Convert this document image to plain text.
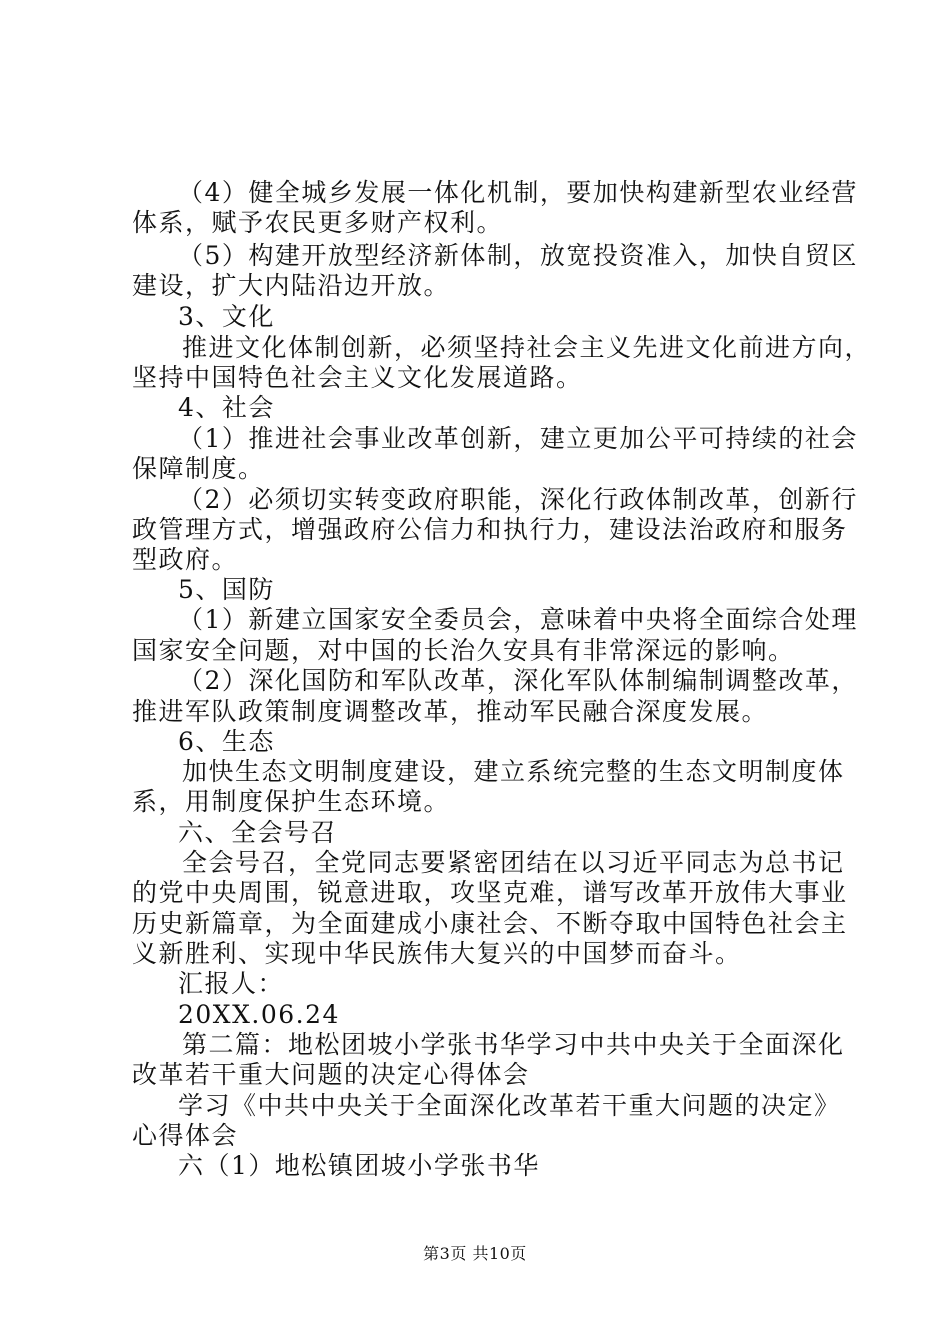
（4）健全城乡发展一体化机制，要加快构建新型农业经营
体系，赋予农民更多财产权利。
（5）构建开放型经济新体制，放宽投资准入，加快自贸区
建设，扩大内陆沿边开放。
3、文化
推进文化体制创新，必须坚持社会主义先进文化前进方向，
坚持中国特色社会主义文化发展道路。
4、社会
（1）推进社会事业改革创新，建立更加公平可持续的社会
保障制度。
（2）必须切实转变政府职能，深化行政体制改革，创新行
政管理方式，增强政府公信力和执行力，建设法治政府和服务
型政府。
5、国防
（1）新建立国家安全委员会，意味着中央将全面综合处理
国家安全问题，对中国的长治久安具有非常深远的影响。
（2）深化国防和军队改革，深化军队体制编制调整改革，
推进军队政策制度调整改革，推动军民融合深度发展。
6、生态
加快生态文明制度建设，建立系统完整的生态文明制度体
系，用制度保护生态环境。
六、全会号召
全会号召，全党同志要紧密团结在以习近平同志为总书记
的党中央周围，锐意进取，攻坚克难，谱写改革开放伟大事业
历史新篇章，为全面建成小康社会、不断夺取中国特色社会主
义新胜利、实现中华民族伟大复兴的中国梦而奋斗。
汇报人：
20XX.06.24
第二篇：地松团坡小学张书华学习中共中央关于全面深化
改革若干重大问题的决定心得体会
学习《中共中央关于全面深化改革若干重大问题的决定》
心得体会
六（1）地松镇团坡小学张书华
第3页 共10页
